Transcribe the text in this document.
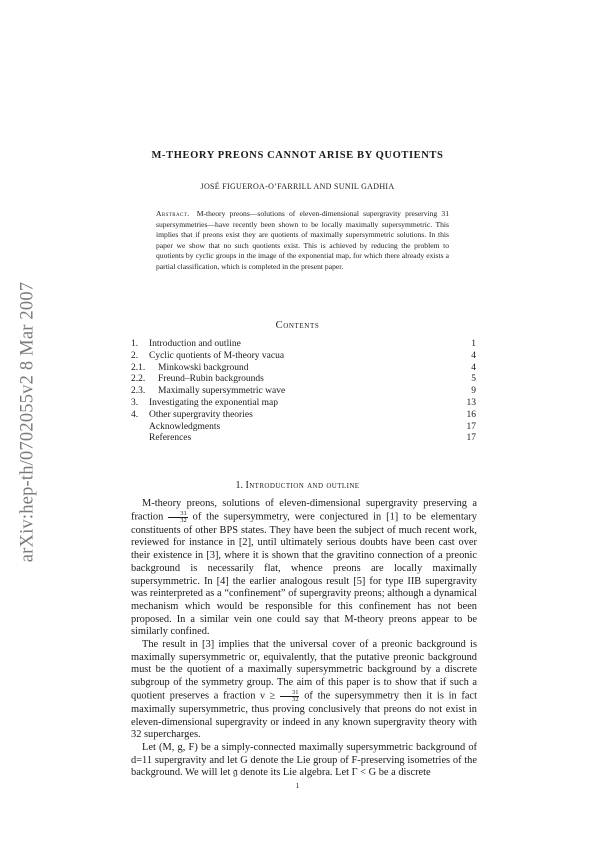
arXiv:hep-th/0702055v2 8 Mar 2007
M-THEORY PREONS CANNOT ARISE BY QUOTIENTS
JOSÉ FIGUEROA-O’FARRILL AND SUNIL GADHIA
Abstract. M-theory preons—solutions of eleven-dimensional supergravity preserving 31 supersymmetries—have recently been shown to be locally maximally supersymmetric. This implies that if preons exist they are quotients of maximally supersymmetric solutions. In this paper we show that no such quotients exist. This is achieved by reducing the problem to quotients by cyclic groups in the image of the exponential map, for which there already exists a partial classification, which is completed in the present paper.
Contents
1.	Introduction and outline	1
2.	Cyclic quotients of M-theory vacua	4
2.1.	Minkowski background	4
2.2.	Freund–Rubin backgrounds	5
2.3.	Maximally supersymmetric wave	9
3.	Investigating the exponential map	13
4.	Other supergravity theories	16
Acknowledgments	17
References	17
1. Introduction and outline

M-theory preons, solutions of eleven-dimensional supergravity preserving a fraction $\frac{31}{32}$ of the supersymmetry, were conjectured in [1] to be elementary constituents of other BPS states. They have been the subject of much recent work, reviewed for instance in [2], until ultimately serious doubts have been cast over their existence in [3], where it is shown that the gravitino connection of a preonic background is necessarily flat, whence preons are locally maximally supersymmetric. In [4] the earlier analogous result [5] for type IIB supergravity was reinterpreted as a “confinement” of supergravity preons; although a dynamical mechanism which would be responsible for this confinement has not been proposed. In a similar vein one could say that M-theory preons appear to be similarly confined.

The result in [3] implies that the universal cover of a preonic background is maximally supersymmetric or, equivalently, that the putative preonic background must be the quotient of a maximally supersymmetric background by a discrete subgroup of the symmetry group. The aim of this paper is to show that if such a quotient preserves a fraction $\nu \ge \frac{31}{32}$ of the supersymmetry then it is in fact maximally supersymmetric, thus proving conclusively that preons do not exist in eleven-dimensional supergravity or indeed in any known supergravity theory with 32 supercharges.

Let (M, g, F) be a simply-connected maximally supersymmetric background of d=11 supergravity and let G denote the Lie group of F-preserving isometries of the background. We will let 𝔤 denote its Lie algebra. Let Γ < G be a discrete

1
